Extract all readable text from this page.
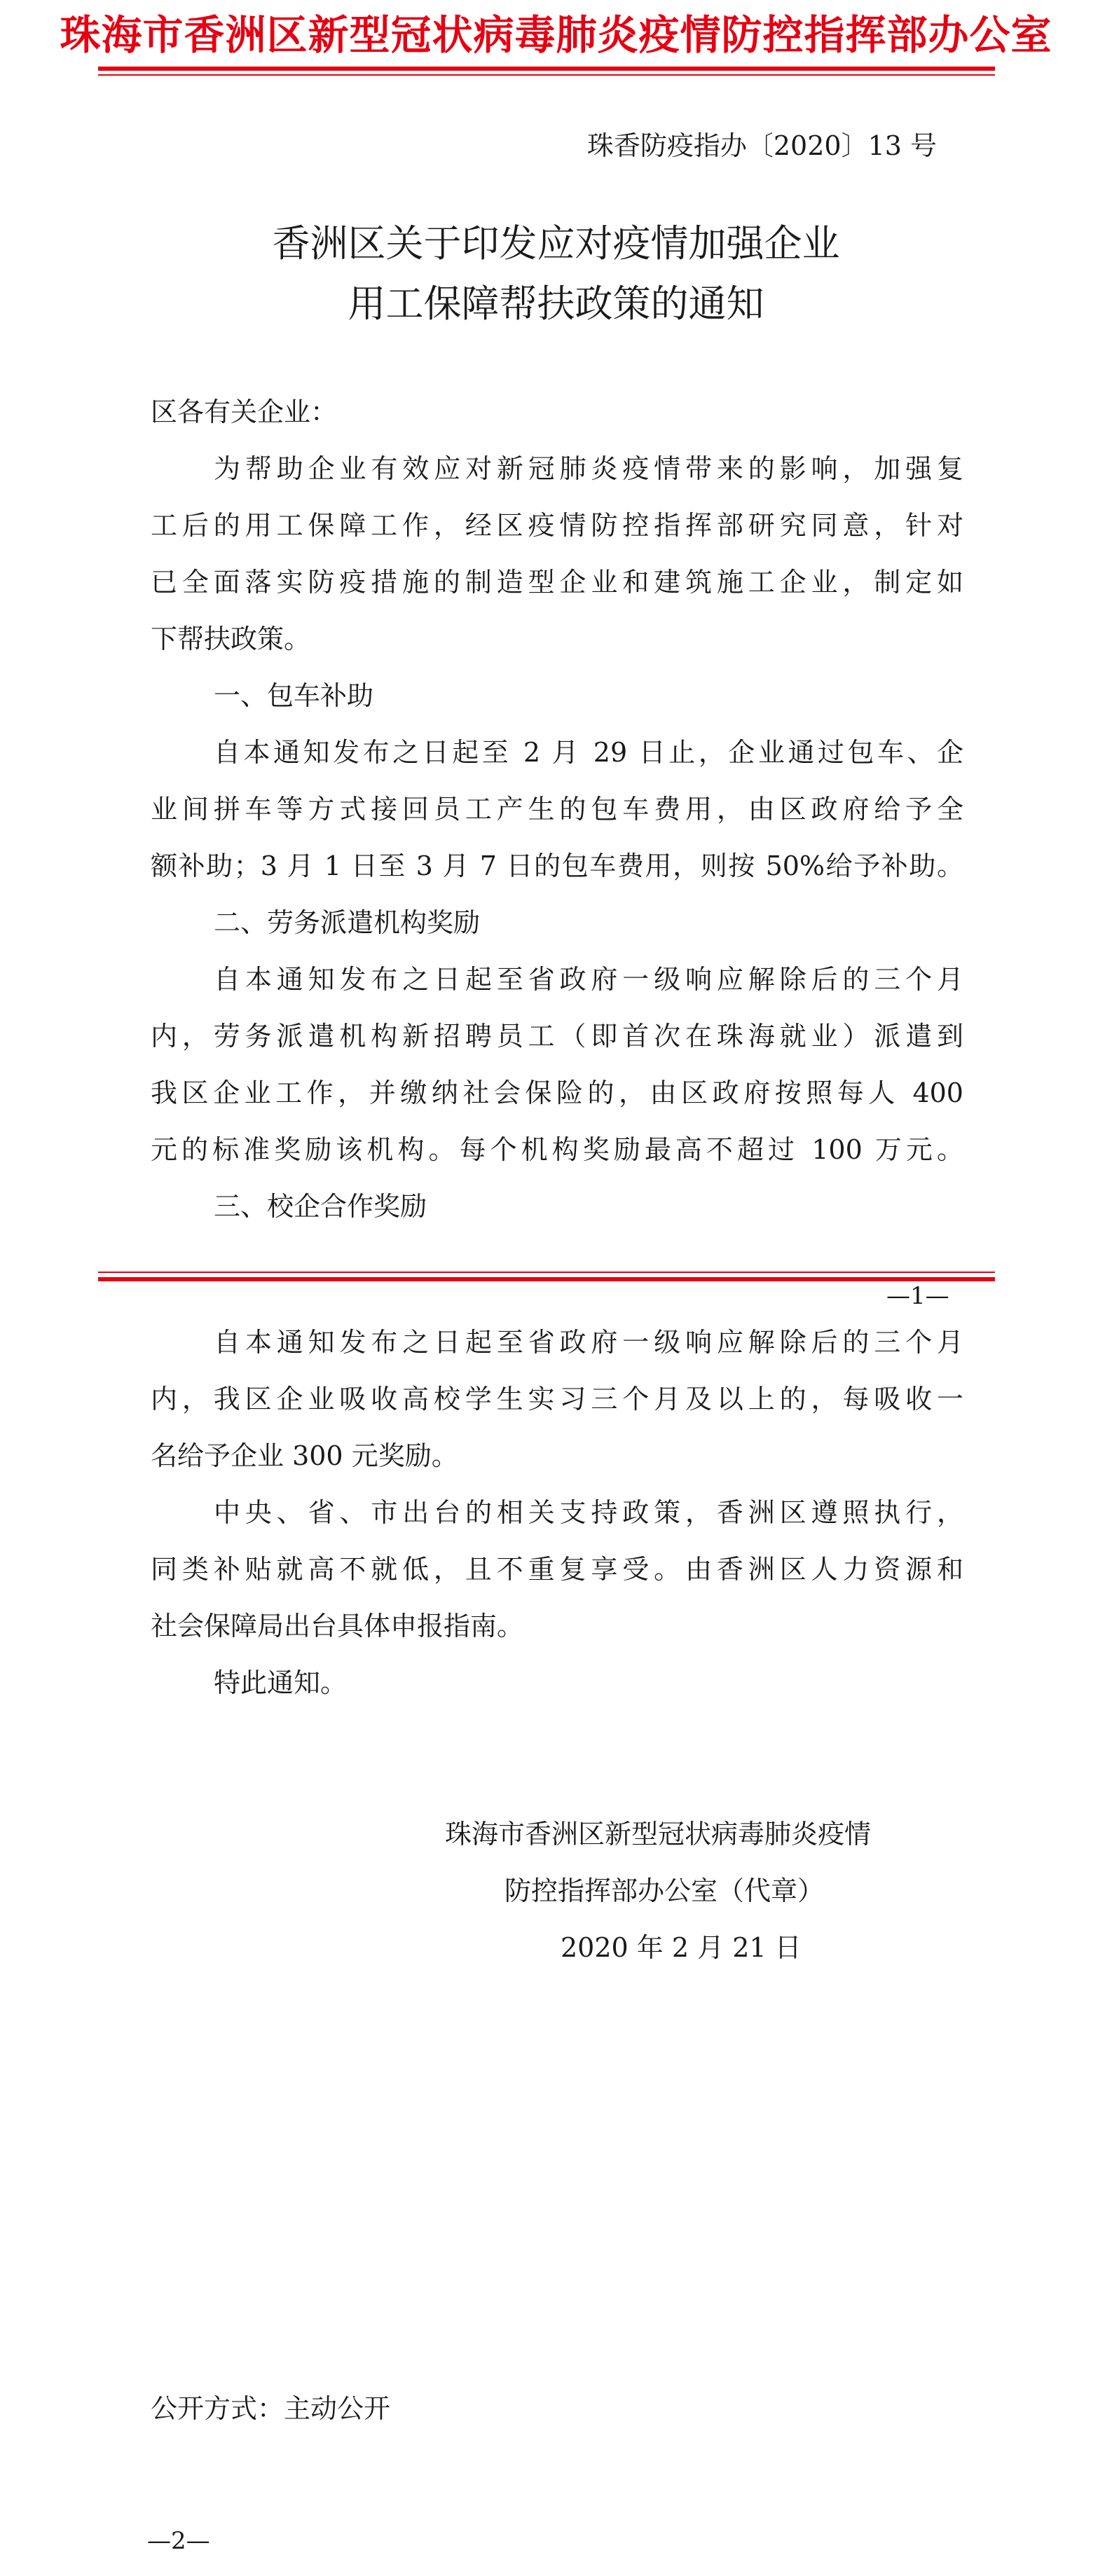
珠海市香洲区新型冠状病毒肺炎疫情防控指挥部办公室
珠香防疫指办〔2020〕13 号
香洲区关于印发应对疫情加强企业
用工保障帮扶政策的通知
区各有关企业：
为帮助企业有效应对新冠肺炎疫情带来的影响，加强复
工后的用工保障工作，经区疫情防控指挥部研究同意，针对
已全面落实防疫措施的制造型企业和建筑施工企业，制定如
下帮扶政策。
一、包车补助
自本通知发布之日起至 2 月 29 日止，企业通过包车、企
业间拼车等方式接回员工产生的包车费用，由区政府给予全
额补助；3 月 1 日至 3 月 7 日的包车费用，则按 50%给予补助。
二、劳务派遣机构奖励
自本通知发布之日起至省政府一级响应解除后的三个月
内，劳务派遣机构新招聘员工（即首次在珠海就业）派遣到
我区企业工作，并缴纳社会保险的，由区政府按照每人 400
元的标准奖励该机构。每个机构奖励最高不超过 100 万元。
三、校企合作奖励
—1—
自本通知发布之日起至省政府一级响应解除后的三个月
内，我区企业吸收高校学生实习三个月及以上的，每吸收一
名给予企业 300 元奖励。
中央、省、市出台的相关支持政策，香洲区遵照执行，
同类补贴就高不就低，且不重复享受。由香洲区人力资源和
社会保障局出台具体申报指南。
特此通知。
珠海市香洲区新型冠状病毒肺炎疫情
防控指挥部办公室（代章）
2020 年 2 月 21 日
公开方式：主动公开
—2—
